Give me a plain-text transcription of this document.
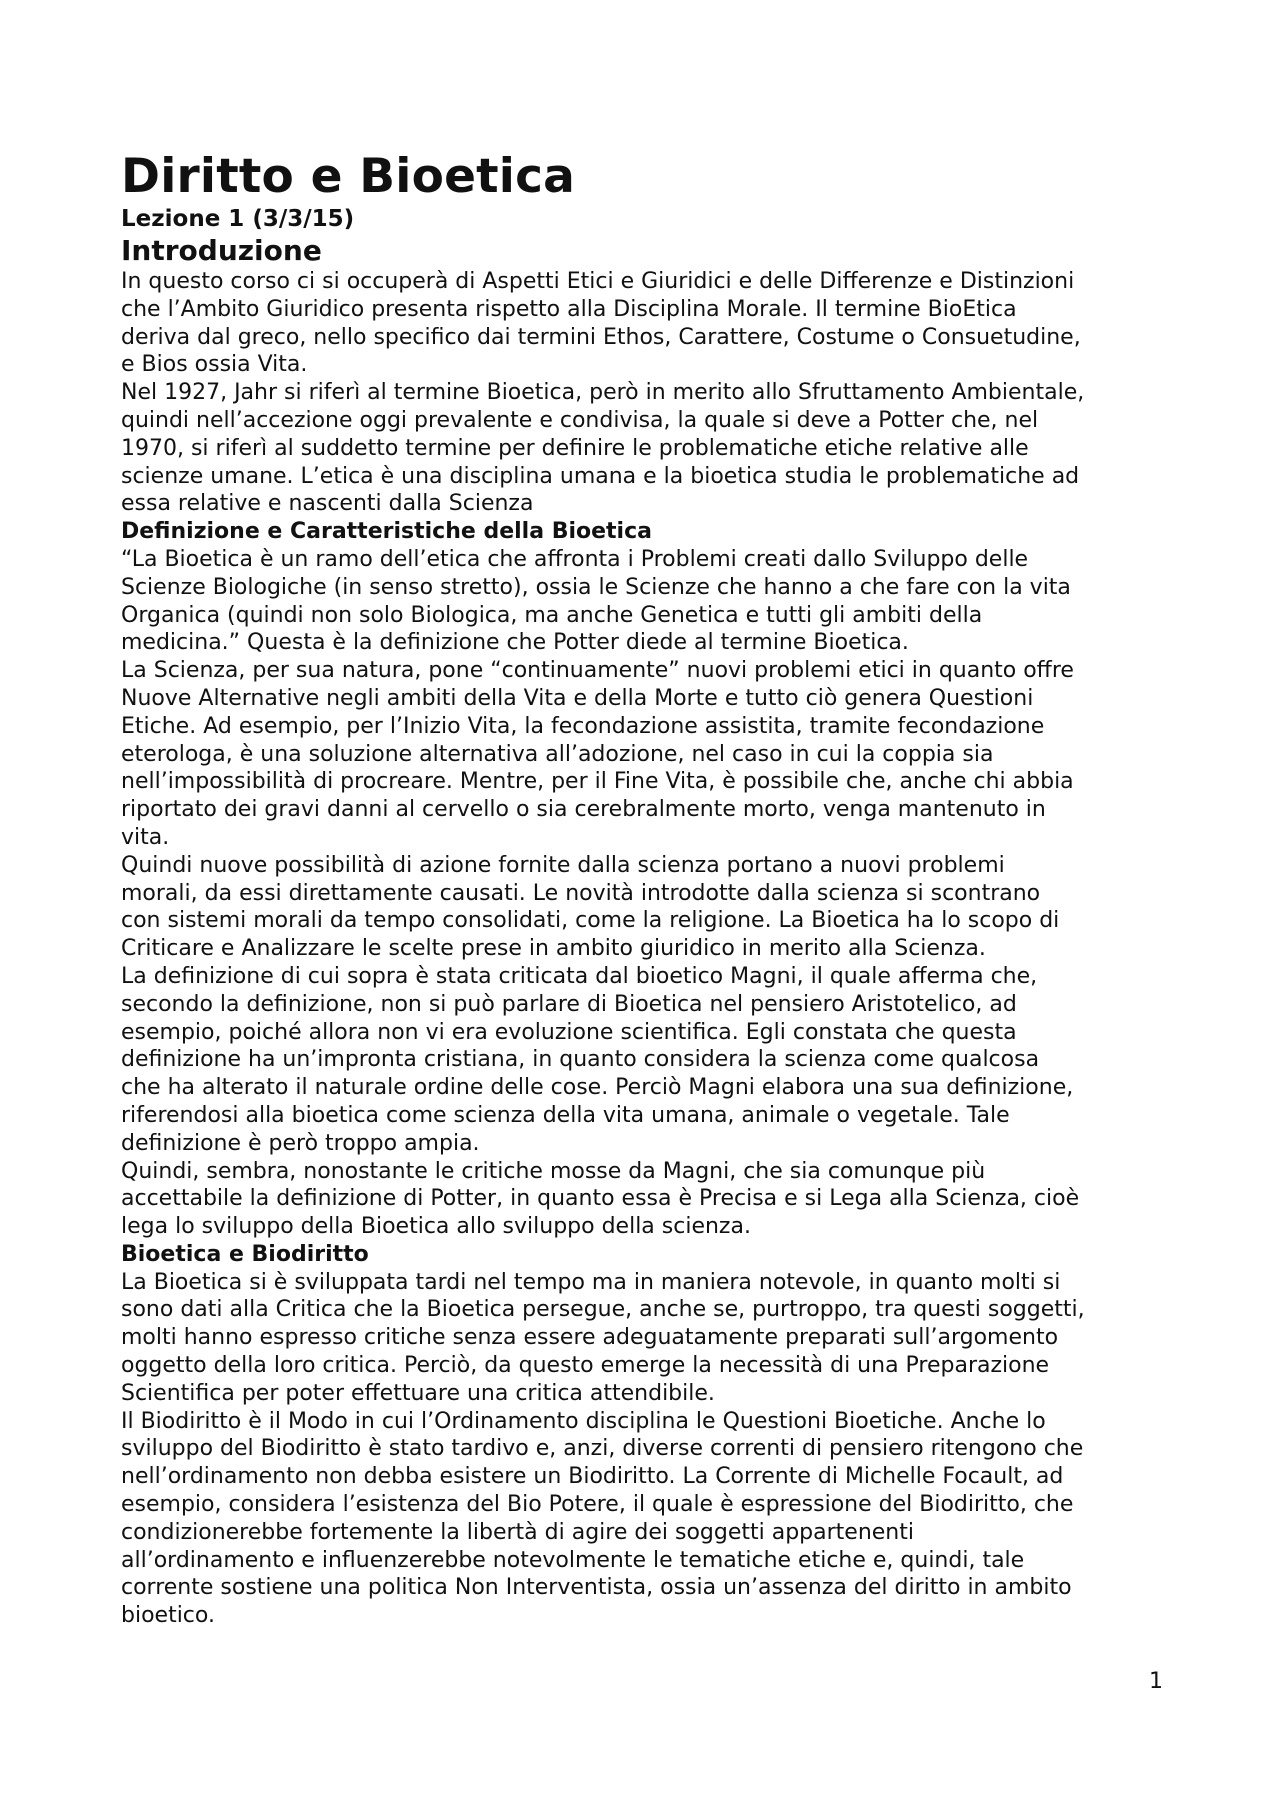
Diritto e Bioetica
Lezione 1 (3/3/15)
Introduzione

In questo corso ci si occuperà di Aspetti Etici e Giuridici e delle Differenze e Distinzioni
che l’Ambito Giuridico presenta rispetto alla Disciplina Morale. Il termine BioEtica
deriva dal greco, nello specifico dai termini Ethos, Carattere, Costume o Consuetudine,
e Bios ossia Vita.

Nel 1927, Jahr si riferì al termine Bioetica, però in merito allo Sfruttamento Ambientale,
quindi nell’accezione oggi prevalente e condivisa, la quale si deve a Potter che, nel
1970, si riferì al suddetto termine per definire le problematiche etiche relative alle
scienze umane. L’etica è una disciplina umana e la bioetica studia le problematiche ad
essa relative e nascenti dalla Scienza

Definizione e Caratteristiche della Bioetica

“La Bioetica è un ramo dell’etica che affronta i Problemi creati dallo Sviluppo delle
Scienze Biologiche (in senso stretto), ossia le Scienze che hanno a che fare con la vita
Organica (quindi non solo Biologica, ma anche Genetica e tutti gli ambiti della
medicina.” Questa è la definizione che Potter diede al termine Bioetica.

La Scienza, per sua natura, pone “continuamente” nuovi problemi etici in quanto offre
Nuove Alternative negli ambiti della Vita e della Morte e tutto ciò genera Questioni
Etiche. Ad esempio, per l’Inizio Vita, la fecondazione assistita, tramite fecondazione
eterologa, è una soluzione alternativa all’adozione, nel caso in cui la coppia sia
nell’impossibilità di procreare. Mentre, per il Fine Vita, è possibile che, anche chi abbia
riportato dei gravi danni al cervello o sia cerebralmente morto, venga mantenuto in
vita.

Quindi nuove possibilità di azione fornite dalla scienza portano a nuovi problemi
morali, da essi direttamente causati. Le novità introdotte dalla scienza si scontrano
con sistemi morali da tempo consolidati, come la religione. La Bioetica ha lo scopo di
Criticare e Analizzare le scelte prese in ambito giuridico in merito alla Scienza.

La definizione di cui sopra è stata criticata dal bioetico Magni, il quale afferma che,
secondo la definizione, non si può parlare di Bioetica nel pensiero Aristotelico, ad
esempio, poiché allora non vi era evoluzione scientifica. Egli constata che questa
definizione ha un’impronta cristiana, in quanto considera la scienza come qualcosa
che ha alterato il naturale ordine delle cose. Perciò Magni elabora una sua definizione,
riferendosi alla bioetica come scienza della vita umana, animale o vegetale. Tale
definizione è però troppo ampia.

Quindi, sembra, nonostante le critiche mosse da Magni, che sia comunque più
accettabile la definizione di Potter, in quanto essa è Precisa e si Lega alla Scienza, cioè
lega lo sviluppo della Bioetica allo sviluppo della scienza.

Bioetica e Biodiritto

La Bioetica si è sviluppata tardi nel tempo ma in maniera notevole, in quanto molti si
sono dati alla Critica che la Bioetica persegue, anche se, purtroppo, tra questi soggetti,
molti hanno espresso critiche senza essere adeguatamente preparati sull’argomento
oggetto della loro critica. Perciò, da questo emerge la necessità di una Preparazione
Scientifica per poter effettuare una critica attendibile.

Il Biodiritto è il Modo in cui l’Ordinamento disciplina le Questioni Bioetiche. Anche lo
sviluppo del Biodiritto è stato tardivo e, anzi, diverse correnti di pensiero ritengono che
nell’ordinamento non debba esistere un Biodiritto. La Corrente di Michelle Focault, ad
esempio, considera l’esistenza del Bio Potere, il quale è espressione del Biodiritto, che
condizionerebbe fortemente la libertà di agire dei soggetti appartenenti
all’ordinamento e influenzerebbe notevolmente le tematiche etiche e, quindi, tale
corrente sostiene una politica Non Interventista, ossia un’assenza del diritto in ambito
bioetico.

1
